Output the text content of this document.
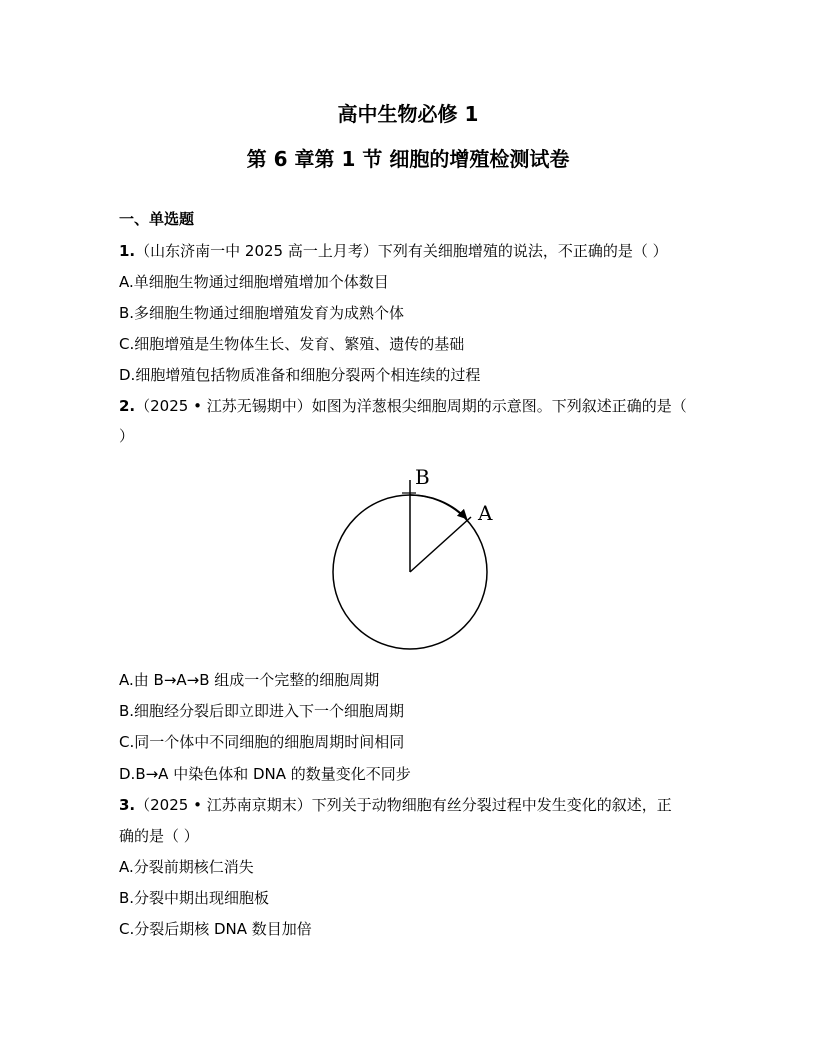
高中生物必修 1
第 6 章第 1 节 细胞的增殖检测试卷
一、单选题
1.（山东济南一中 2025 高一上月考）下列有关细胞增殖的说法，不正确的是（ ）
A.单细胞生物通过细胞增殖增加个体数目
B.多细胞生物通过细胞增殖发育为成熟个体
C.细胞增殖是生物体生长、发育、繁殖、遗传的基础
D.细胞增殖包括物质准备和细胞分裂两个相连续的过程
2.（2025 • 江苏无锡期中）如图为洋葱根尖细胞周期的示意图。下列叙述正确的是（
）
B
A
A.由 B→A→B 组成一个完整的细胞周期
B.细胞经分裂后即立即进入下一个细胞周期
C.同一个体中不同细胞的细胞周期时间相同
D.B→A 中染色体和 DNA 的数量变化不同步
3.（2025 • 江苏南京期末）下列关于动物细胞有丝分裂过程中发生变化的叙述，正
确的是（ ）
A.分裂前期核仁消失
B.分裂中期出现细胞板
C.分裂后期核 DNA 数目加倍
